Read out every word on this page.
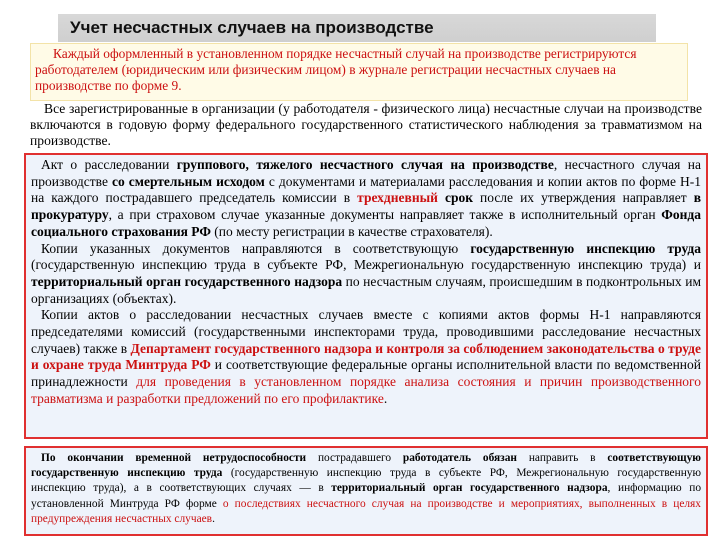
Учет несчастных случаев на производстве
Каждый оформленный в установленном порядке несчастный случай на производстве регистрируются
работодателем (юридическим или физическим лицом) в журнале регистрации несчастных случаев на
производстве по форме 9.
Все зарегистрированные в организации (у работодателя - физического лица) несчастные случаи на производстве включаются в годовую форму федерального государственного статистического наблюдения за травматизмом на производстве.

Акт о расследовании группового, тяжелого несчастного случая на производстве, несчастного случая на производстве со смертельным исходом с документами и материалами расследования и копии актов по форме Н-1 на каждого пострадавшего председатель комиссии в трехдневный срок после их утверждения направляет в прокуратуру, а при страховом случае указанные документы направляет также в исполнительный орган Фонда социального страхования РФ (по месту регистрации в качестве страхователя).

Копии указанных документов направляются в соответствующую государственную инспекцию труда (государственную инспекцию труда в субъекте РФ, Межрегиональную государственную инспекцию труда) и территориальный орган государственного надзора по несчастным случаям, происшедшим в подконтрольных им организациях (объектах).

Копии актов о расследовании несчастных случаев вместе с копиями актов формы Н-1 направляются председателями комиссий (государственными инспекторами труда, проводившими расследование несчастных случаев) также в Департамент государственного надзора и контроля за соблюдением законодательства о труде и охране труда Минтруда РФ и соответствующие федеральные органы исполнительной власти по ведомственной принадлежности для проведения в установленном порядке анализа состояния и причин производственного травматизма и разработки предложений по его профилактике.

По окончании временной нетрудоспособности пострадавшего работодатель обязан направить в соответствующую государственную инспекцию труда (государственную инспекцию труда в субъекте РФ, Межрегиональную государственную инспекцию труда), а в соответствующих случаях — в территориальный орган государственного надзора, информацию по установленной Минтруда РФ форме о последствиях несчастного случая на производстве и мероприятиях, выполненных в целях предупреждения несчастных случаев.
